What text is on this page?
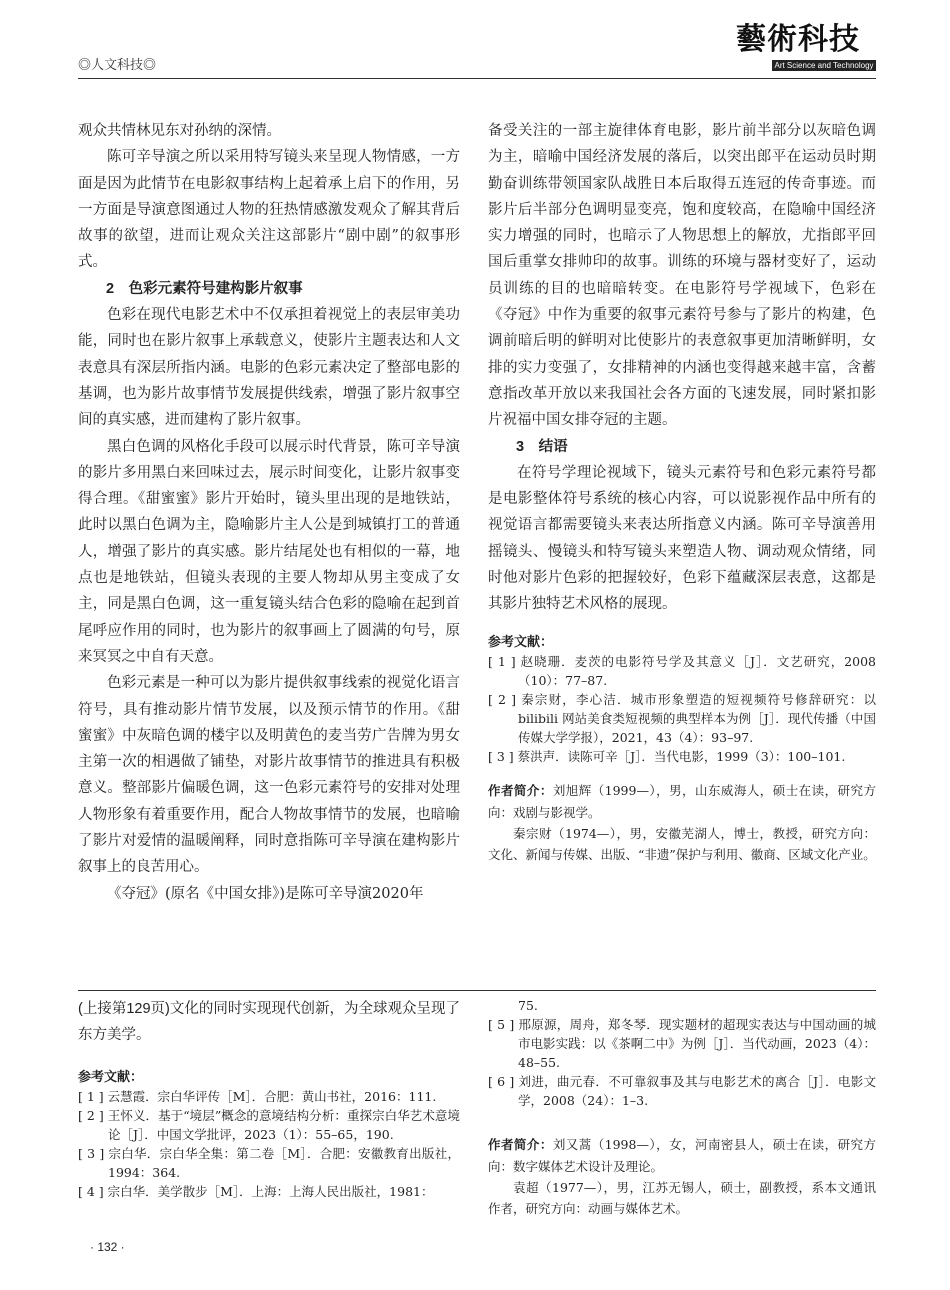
◎人文科技◎
藝術科技
Art Science and Technology

观众共情林见东对孙纳的深情。

陈可辛导演之所以采用特写镜头来呈现人物情感，一方面是因为此情节在电影叙事结构上起着承上启下的作用，另一方面是导演意图通过人物的狂热情感激发观众了解其背后故事的欲望，进而让观众关注这部影片“剧中剧”的叙事形式。

2　色彩元素符号建构影片叙事

色彩在现代电影艺术中不仅承担着视觉上的表层审美功能，同时也在影片叙事上承载意义，使影片主题表达和人文表意具有深层所指内涵。电影的色彩元素决定了整部电影的基调，也为影片故事情节发展提供线索，增强了影片叙事空间的真实感，进而建构了影片叙事。

黑白色调的风格化手段可以展示时代背景，陈可辛导演的影片多用黑白来回味过去，展示时间变化，让影片叙事变得合理。《甜蜜蜜》影片开始时，镜头里出现的是地铁站，此时以黑白色调为主，隐喻影片主人公是到城镇打工的普通人，增强了影片的真实感。影片结尾处也有相似的一幕，地点也是地铁站，但镜头表现的主要人物却从男主变成了女主，同是黑白色调，这一重复镜头结合色彩的隐喻在起到首尾呼应作用的同时，也为影片的叙事画上了圆满的句号，原来冥冥之中自有天意。

色彩元素是一种可以为影片提供叙事线索的视觉化语言符号，具有推动影片情节发展，以及预示情节的作用。《甜蜜蜜》中灰暗色调的楼宇以及明黄色的麦当劳广告牌为男女主第一次的相遇做了铺垫，对影片故事情节的推进具有积极意义。整部影片偏暖色调，这一色彩元素符号的安排对处理人物形象有着重要作用，配合人物故事情节的发展，也暗喻了影片对爱情的温暖阐释，同时意指陈可辛导演在建构影片叙事上的良苦用心。

《夺冠》(原名《中国女排》)是陈可辛导演2020年

备受关注的一部主旋律体育电影，影片前半部分以灰暗色调为主，暗喻中国经济发展的落后，以突出郎平在运动员时期勤奋训练带领国家队战胜日本后取得五连冠的传奇事迹。而影片后半部分色调明显变亮，饱和度较高，在隐喻中国经济实力增强的同时，也暗示了人物思想上的解放，尤指郎平回国后重掌女排帅印的故事。训练的环境与器材变好了，运动员训练的目的也暗暗转变。在电影符号学视域下，色彩在《夺冠》中作为重要的叙事元素符号参与了影片的构建，色调前暗后明的鲜明对比使影片的表意叙事更加清晰鲜明，女排的实力变强了，女排精神的内涵也变得越来越丰富，含蓄意指改革开放以来我国社会各方面的飞速发展，同时紧扣影片祝福中国女排夺冠的主题。

3　结语

在符号学理论视域下，镜头元素符号和色彩元素符号都是电影整体符号系统的核心内容，可以说影视作品中所有的视觉语言都需要镜头来表达所指意义内涵。陈可辛导演善用摇镜头、慢镜头和特写镜头来塑造人物、调动观众情绪，同时他对影片色彩的把握较好，色彩下蕴藏深层表意，这都是其影片独特艺术风格的展现。

参考文献：

[ 1 ] 赵晓珊．麦茨的电影符号学及其意义［J］．文艺研究，2008（10）：77–87.

[ 2 ] 秦宗财，李心洁．城市形象塑造的短视频符号修辞研究：以 bilibili 网站美食类短视频的典型样本为例［J］．现代传播（中国传媒大学学报），2021，43（4）：93–97.

[ 3 ] 蔡洪声．读陈可辛［J］．当代电影，1999（3）：100–101.

作者简介：刘旭辉（1999—），男，山东威海人，硕士在读，研究方向：戏剧与影视学。

秦宗财（1974—），男，安徽芜湖人，博士，教授，研究方向：文化、新闻与传媒、出版、“非遗”保护与利用、徽商、区域文化产业。

(上接第129页)文化的同时实现现代创新，为全球观众呈现了东方美学。

参考文献：

[ 1 ] 云慧霞．宗白华评传［M］．合肥：黄山书社，2016：111.

[ 2 ] 王怀义．基于“境层”概念的意境结构分析：重探宗白华艺术意境论［J］．中国文学批评，2023（1）：55–65，190.

[ 3 ] 宗白华．宗白华全集：第二卷［M］．合肥：安徽教育出版社，1994：364.

[ 4 ] 宗白华．美学散步［M］．上海：上海人民出版社，1981：

75.

[ 5 ] 邢原源，周舟，郑冬琴．现实题材的超现实表达与中国动画的城市电影实践：以《茶啊二中》为例［J］．当代动画，2023（4）：48–55.

[ 6 ] 刘进，曲元春．不可靠叙事及其与电影艺术的离合［J］．电影文学，2008（24）：1–3.

作者简介：刘又蒿（1998—），女，河南密县人，硕士在读，研究方向：数字媒体艺术设计及理论。

袁超（1977—），男，江苏无锡人，硕士，副教授，系本文通讯作者，研究方向：动画与媒体艺术。

· 132 ·
